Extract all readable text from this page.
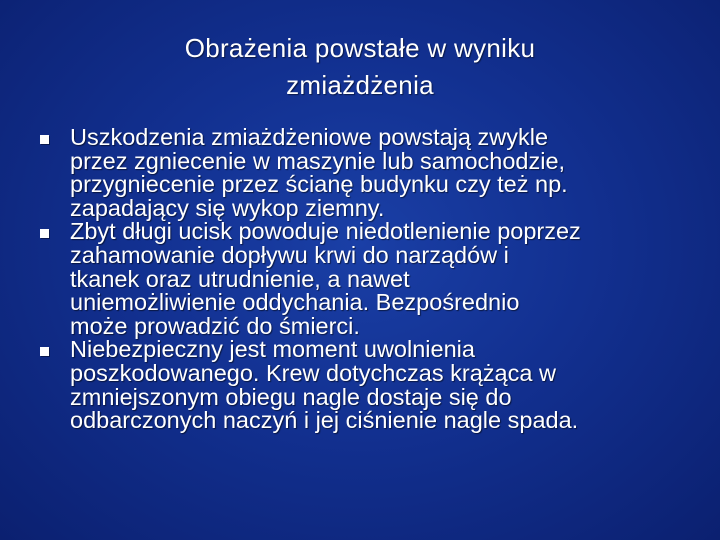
Obrażenia powstałe w wyniku
zmiażdżenia
Uszkodzenia zmiażdżeniowe powstają zwykle
przez zgniecenie w maszynie lub samochodzie,
przygniecenie przez ścianę budynku czy też np.
zapadający się wykop ziemny.
Zbyt długi ucisk powoduje niedotlenienie poprzez
zahamowanie dopływu krwi do narządów i
tkanek oraz utrudnienie, a nawet
uniemożliwienie oddychania. Bezpośrednio
może prowadzić do śmierci.
Niebezpieczny jest moment uwolnienia
poszkodowanego. Krew dotychczas krążąca w
zmniejszonym obiegu nagle dostaje się do
odbarczonych naczyń i jej ciśnienie nagle spada.
